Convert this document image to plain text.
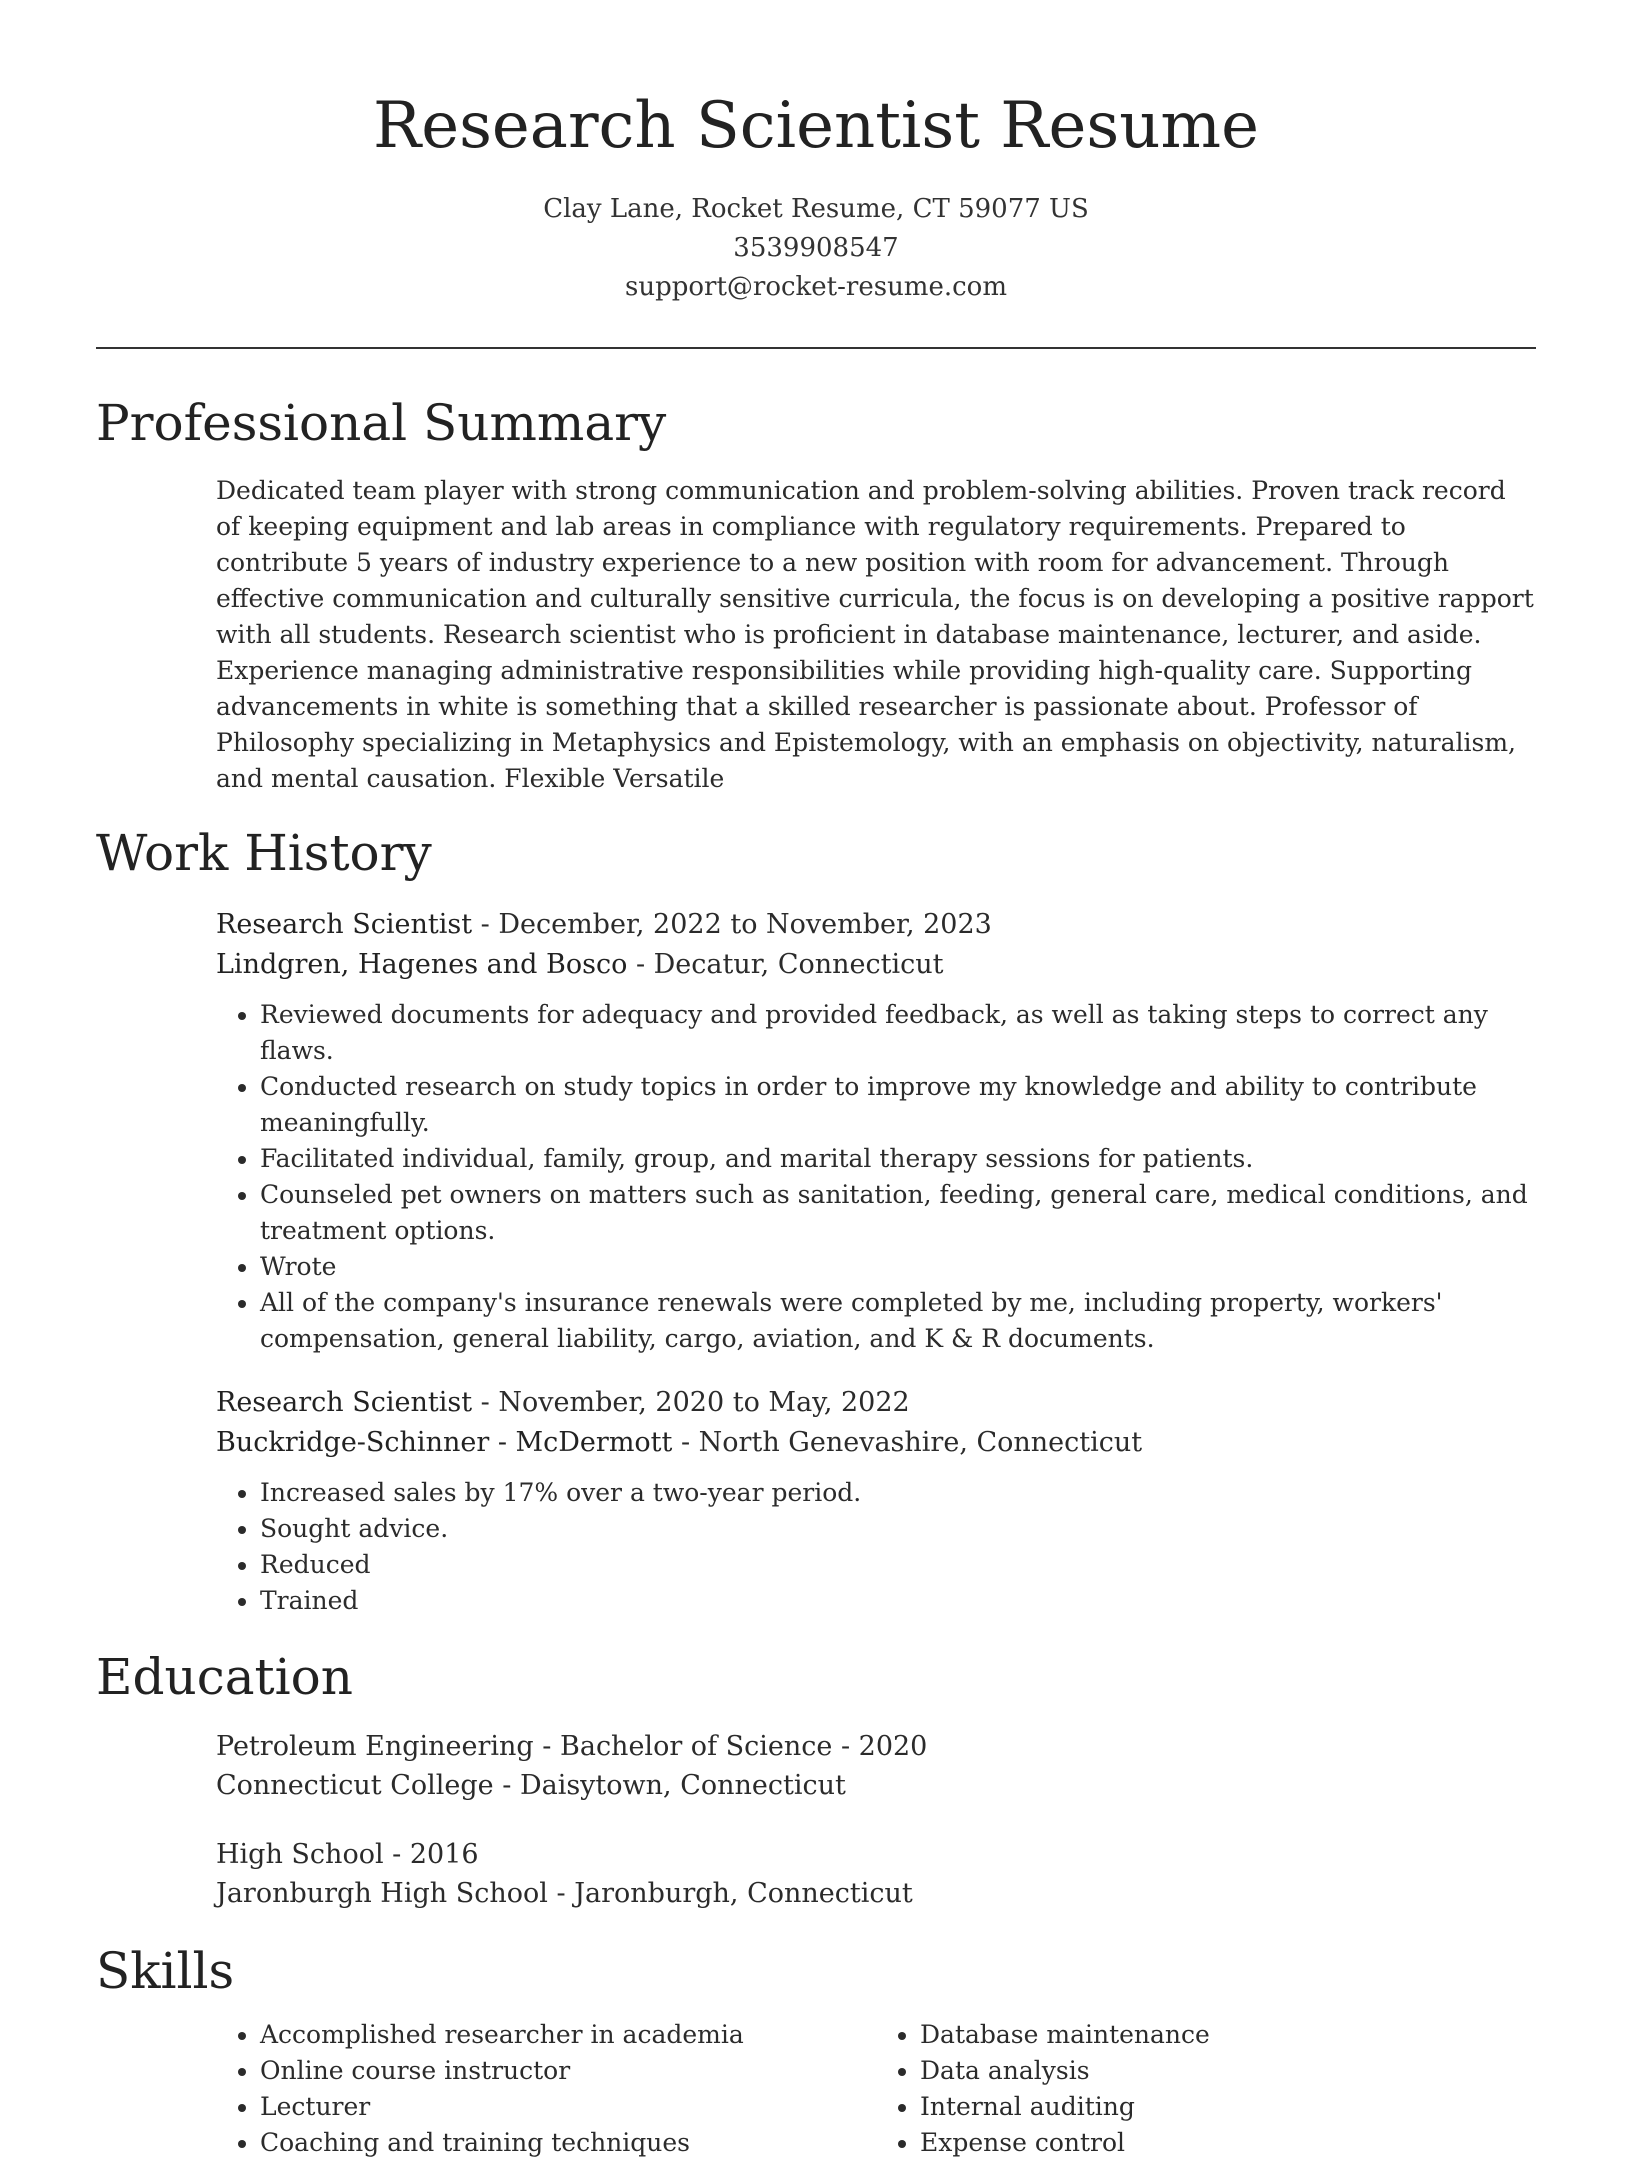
Research Scientist Resume
Clay Lane, Rocket Resume, CT 59077 US
3539908547
support@rocket-resume.com
Professional Summary
Dedicated team player with strong communication and problem-solving abilities. Proven track record of keeping equipment and lab areas in compliance with regulatory requirements. Prepared to contribute 5 years of industry experience to a new position with room for advancement. Through effective communication and culturally sensitive curricula, the focus is on developing a positive rapport with all students. Research scientist who is proficient in database maintenance, lecturer, and aside. Experience managing administrative responsibilities while providing high-quality care. Supporting advancements in white is something that a skilled researcher is passionate about. Professor of Philosophy specializing in Metaphysics and Epistemology, with an emphasis on objectivity, naturalism, and mental causation. Flexible Versatile
Work History
Research Scientist - December, 2022 to November, 2023
Lindgren, Hagenes and Bosco - Decatur, Connecticut
• Reviewed documents for adequacy and provided feedback, as well as taking steps to correct any flaws.
• Conducted research on study topics in order to improve my knowledge and ability to contribute meaningfully.
• Facilitated individual, family, group, and marital therapy sessions for patients.
• Counseled pet owners on matters such as sanitation, feeding, general care, medical conditions, and treatment options.
• Wrote
• All of the company's insurance renewals were completed by me, including property, workers' compensation, general liability, cargo, aviation, and K & R documents.
Research Scientist - November, 2020 to May, 2022
Buckridge-Schinner - McDermott - North Genevashire, Connecticut
• Increased sales by 17% over a two-year period.
• Sought advice.
• Reduced
• Trained
Education
Petroleum Engineering - Bachelor of Science - 2020
Connecticut College - Daisytown, Connecticut
High School - 2016
Jaronburgh High School - Jaronburgh, Connecticut
Skills
• Accomplished researcher in academia
• Online course instructor
• Lecturer
• Coaching and training techniques
• Database maintenance
• Data analysis
• Internal auditing
• Expense control
